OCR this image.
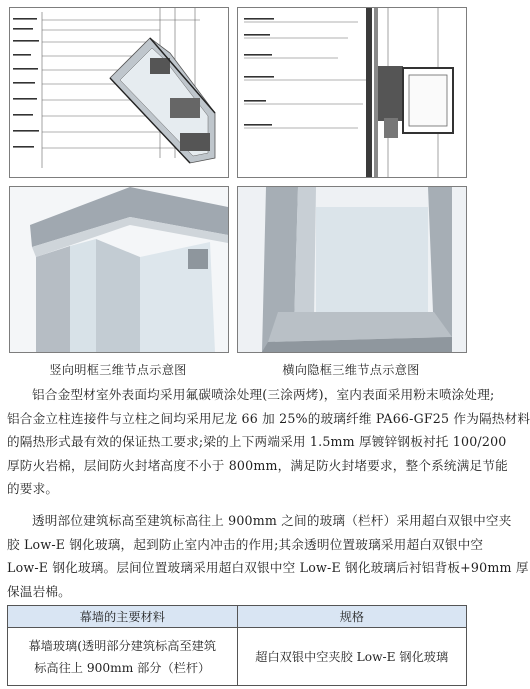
竖向明框三维节点示意图	横向隐框三维节点示意图
铝合金型材室外表面均采用氟碳喷涂处理(三涂两烤)，室内表面采用粉末喷涂处理;
铝合金立柱连接件与立柱之间均采用尼龙 66 加 25%的玻璃纤维 PA66-GF25 作为隔热材料
的隔热形式最有效的保证热工要求;梁的上下两端采用 1.5mm 厚镀锌钢板衬托 100/200
厚防火岩棉，层间防火封堵高度不小于 800mm，满足防火封堵要求，整个系统满足节能
的要求。
透明部位建筑标高至建筑标高往上 900mm 之间的玻璃（栏杆）采用超白双银中空夹
胶 Low-E 钢化玻璃，起到防止室内冲击的作用;其余透明位置玻璃采用超白双银中空
Low-E 钢化玻璃。层间位置玻璃采用超白双银中空 Low-E 钢化玻璃后衬铝背板+90mm 厚
保温岩棉。
幕墙的主要材料	规格

幕墙玻璃(透明部分建筑标高至建筑
标高往上 900mm 部分（栏杆）	超白双银中空夹胶 Low-E 钢化玻璃
